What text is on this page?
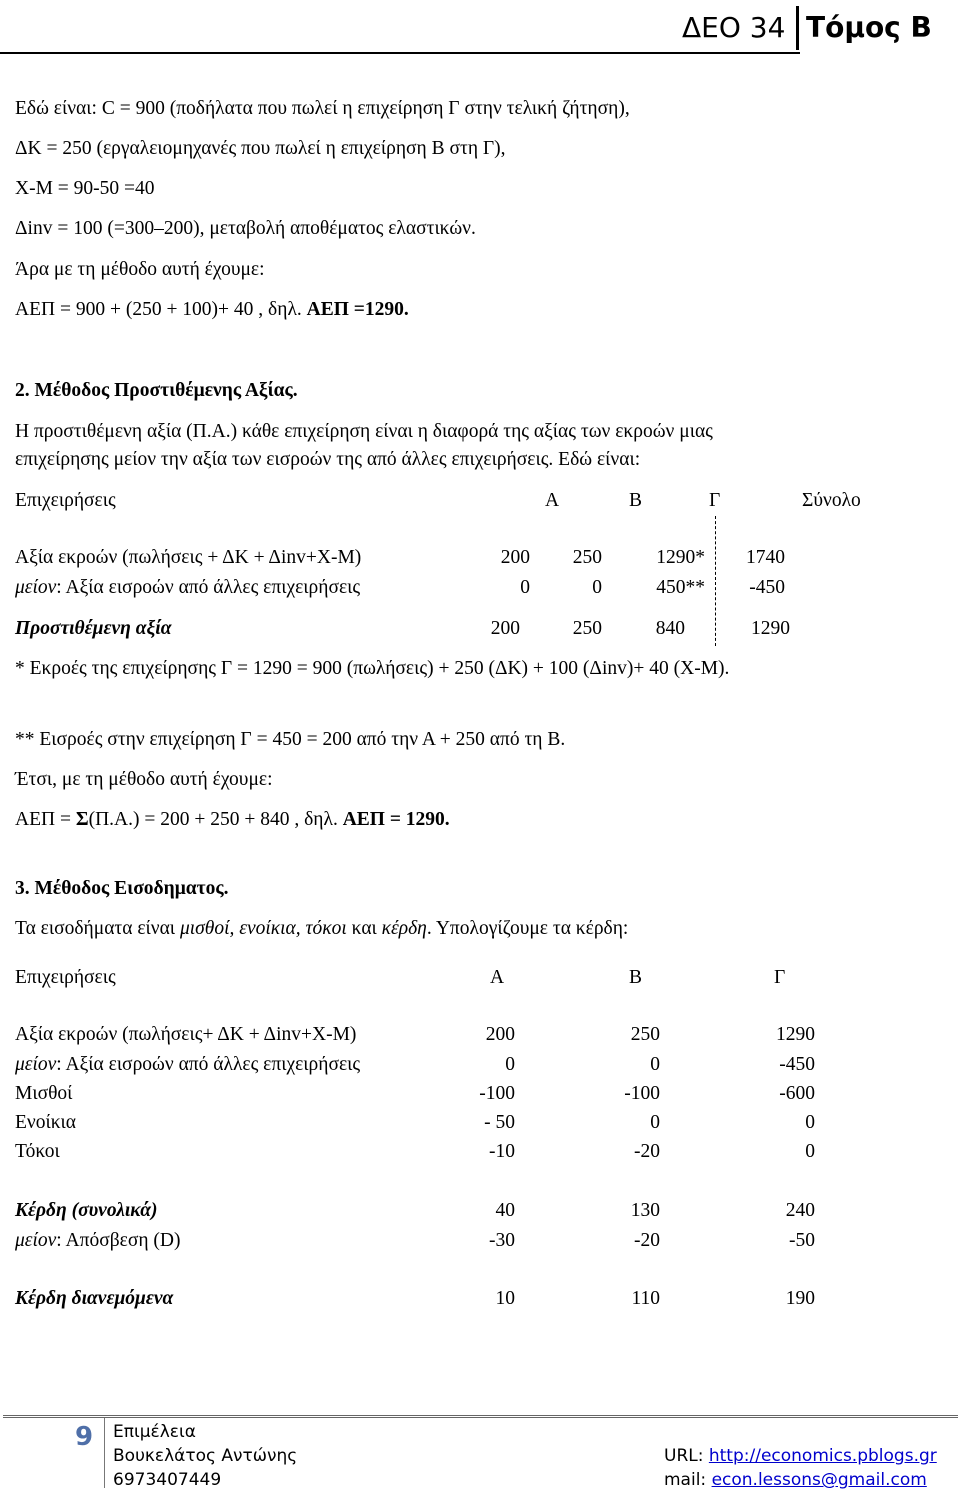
ΔΕΟ 34 Τόμος Β
Εδώ είναι: C = 900 (ποδήλατα που πωλεί η επιχείρηση Γ στην τελική ζήτηση),
ΔΚ = 250 (εργαλειομηχανές που πωλεί η επιχείρηση Β στη Γ),
Χ-Μ = 90-50 =40
Δinv = 100 (=300–200), μεταβολή αποθέματος ελαστικών.
Άρα με τη μέθοδο αυτή έχουμε:
ΑΕΠ = 900 + (250 + 100)+ 40 , δηλ. ΑΕΠ =1290.
2. Μέθοδος Προστιθέμενης Αξίας.
Η προστιθέμενη αξία (Π.Α.) κάθε επιχείρηση είναι η διαφορά της αξίας των εκροών μιας
επιχείρησης μείον την αξία των εισροών της από άλλες επιχειρήσεις. Εδώ είναι:
Επιχειρήσεις	Α	Β	Γ	Σύνολο
Αξία εκροών (πωλήσεις + ΔΚ + Δinv+Χ-Μ)	200	250	1290*	1740
μείον: Αξία εισροών από άλλες επιχειρήσεις	0	0	450**	-450
Προστιθέμενη αξία	200	250	840	1290
* Εκροές της επιχείρησης Γ = 1290 = 900 (πωλήσεις) + 250 (ΔΚ) + 100 (Δinv)+ 40 (Χ-Μ).
** Εισροές στην επιχείρηση Γ = 450 = 200 από την Α + 250 από τη Β.
Έτσι, με τη μέθοδο αυτή έχουμε:
ΑΕΠ = Σ(Π.Α.) = 200 + 250 + 840 , δηλ. ΑΕΠ = 1290.
3. Μέθοδος Εισοδηματος.
Τα εισοδήματα είναι μισθοί, ενοίκια, τόκοι και κέρδη. Υπολογίζουμε τα κέρδη:
Επιχειρήσεις	Α	Β	Γ
Αξία εκροών (πωλήσεις+ ΔΚ + Δinv+Χ-Μ)	200	250	1290
μείον: Αξία εισροών από άλλες επιχειρήσεις	0	0	-450
Μισθοί	-100	-100	-600
Ενοίκια	- 50	0	0
Τόκοι	-10	-20	0
Κέρδη (συνολικά)	40	130	240
μείον: Απόσβεση (D)	-30	-20	-50
Κέρδη διανεμόμενα	10	110	190
9 Επιμέλεια
Βουκελάτος Αντώνης
6973407449
URL: http://economics.pblogs.gr
mail: econ.lessons@gmail.com
